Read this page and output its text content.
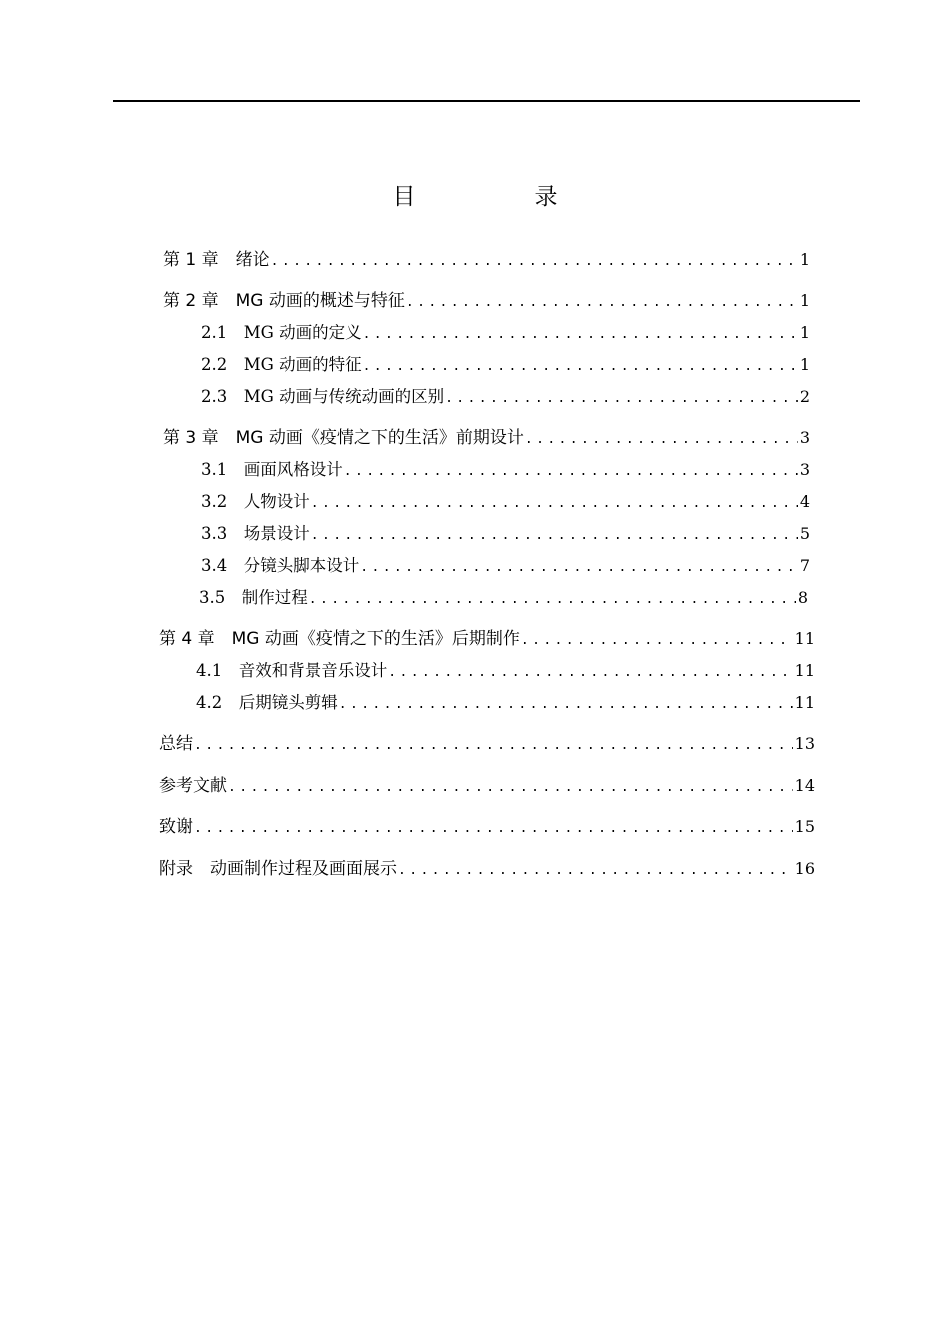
目　录
第 1 章　 绪论 .....	1
第 2 章　 MG 动画的概述与特征 .....	1
2.1　 MG 动画的定义 .....	1
2.2　 MG 动画的特征 .....	1
2.3　 MG 动画与传统动画的区别 .....	2
第 3 章　 MG 动画《疫情之下的生活》前期设计 .....	3
3.1　 画面风格设计 .....	3
3.2　 人物设计 .....	4
3.3　 场景设计 .....	5
3.4　 分镜头脚本设计 .....	7
3.5　 制作过程 .....	8
第 4 章　 MG 动画《疫情之下的生活》后期制作 .....	11
4.1　 音效和背景音乐设计 .....	11
4.2　 后期镜头剪辑 .....	11
总结 .....	13
参考文献 .....	14
致谢 .....	15
附录　 动画制作过程及画面展示 .....	16
